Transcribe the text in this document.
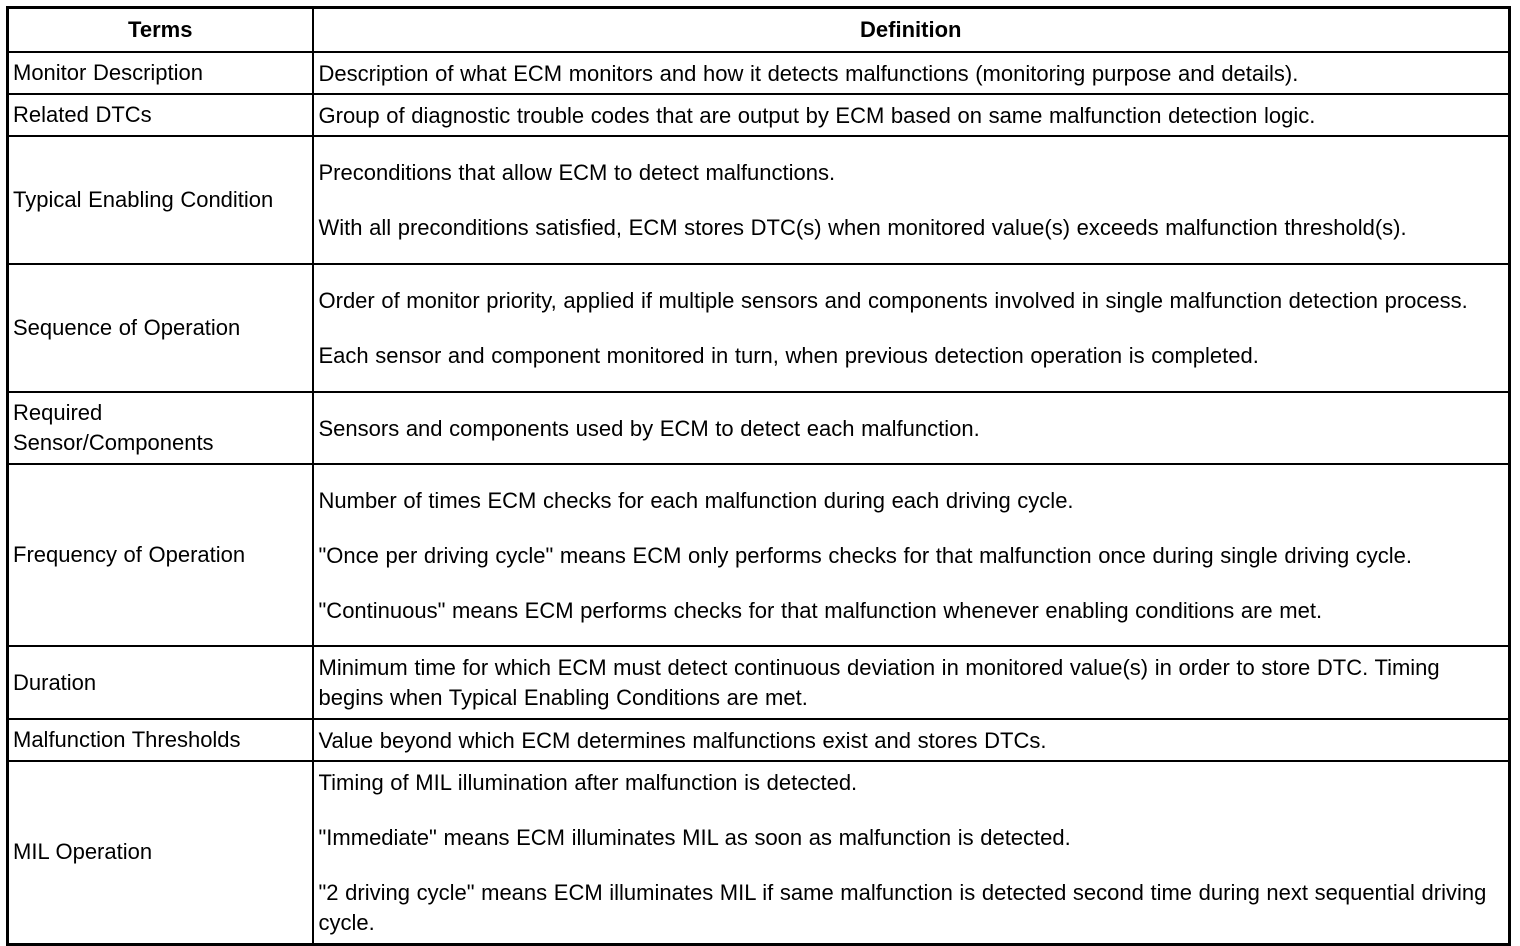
Terms	Definition
Monitor Description	Description of what ECM monitors and how it detects malfunctions (monitoring purpose and details).

Related DTCs	Group of diagnostic trouble codes that are output by ECM based on same malfunction detection logic.

Typical Enabling Condition	Preconditions that allow ECM to detect malfunctions.

With all preconditions satisfied, ECM stores DTC(s) when monitored value(s) exceeds malfunction threshold(s).

Sequence of Operation	Order of monitor priority, applied if multiple sensors and components involved in single malfunction detection process.

Each sensor and component monitored in turn, when previous detection operation is completed.

Required Sensor/Components	Sensors and components used by ECM to detect each malfunction.

Frequency of Operation	Number of times ECM checks for each malfunction during each driving cycle.

"Once per driving cycle" means ECM only performs checks for that malfunction once during single driving cycle.

"Continuous" means ECM performs checks for that malfunction whenever enabling conditions are met.

Duration	Minimum time for which ECM must detect continuous deviation in monitored value(s) in order to store DTC. Timing begins when Typical Enabling Conditions are met.

Malfunction Thresholds	Value beyond which ECM determines malfunctions exist and stores DTCs.

MIL Operation	Timing of MIL illumination after malfunction is detected.

"Immediate" means ECM illuminates MIL as soon as malfunction is detected.

"2 driving cycle" means ECM illuminates MIL if same malfunction is detected second time during next sequential driving cycle.
